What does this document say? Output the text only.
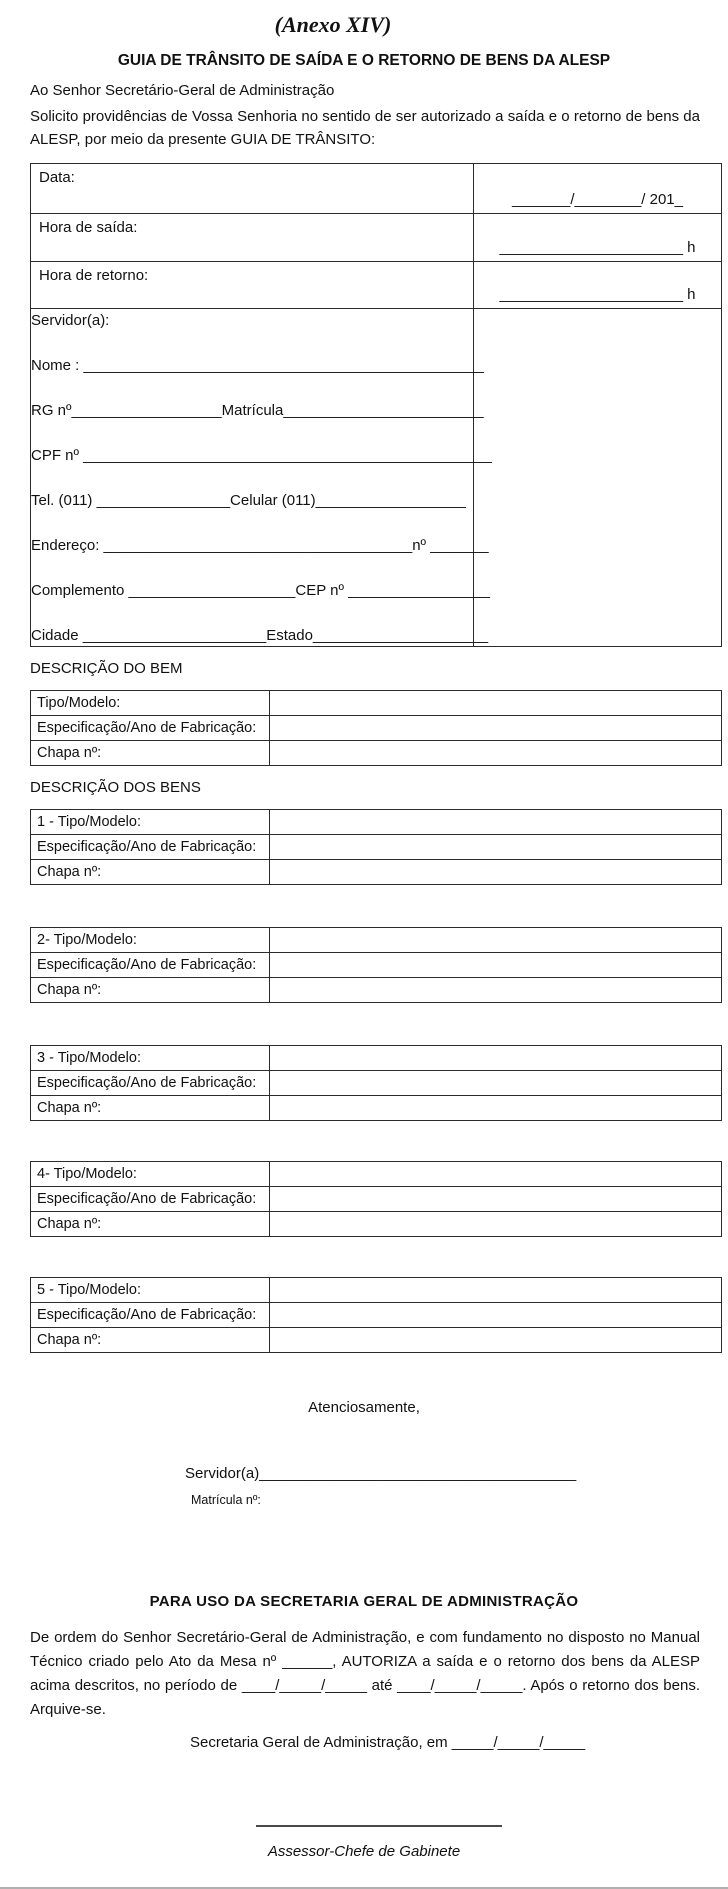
(Anexo XIV)
GUIA DE TRÂNSITO DE SAÍDA E O RETORNO DE BENS DA ALESP

Ao Senhor Secretário-Geral de Administração

Solicito providências de Vossa Senhoria no sentido de ser autorizado a saída e o retorno de bens da ALESP, por meio da presente GUIA DE TRÂNSITO:

Data:	_______/________/ 201_
Hora de saída:	______________________ h
Hora de retorno:	______________________ h

Servidor(a):
Nome : ________________________________________________
RG nº__________________Matrícula________________________
CPF nº _________________________________________________
Tel. (011) ________________Celular (011)__________________
Endereço: _____________________________________nº _______
Complemento ____________________CEP nº _________________
Cidade ______________________Estado_____________________

DESCRIÇÃO DO BEM

Tipo/Modelo:	
Especificação/Ano de Fabricação:	
Chapa nº:	

DESCRIÇÃO DOS BENS

1 - Tipo/Modelo:	
Especificação/Ano de Fabricação:	
Chapa nº:	
2- Tipo/Modelo:	
Especificação/Ano de Fabricação:	
Chapa nº:	
3 - Tipo/Modelo:	
Especificação/Ano de Fabricação:	
Chapa nº:	
4- Tipo/Modelo:	
Especificação/Ano de Fabricação:	
Chapa nº:	
5 - Tipo/Modelo:	
Especificação/Ano de Fabricação:	
Chapa nº:	

Atenciosamente,

Servidor(a)______________________________________

Matrícula nº:

PARA USO DA SECRETARIA GERAL DE ADMINISTRAÇÃO

De ordem do Senhor Secretário-Geral de Administração, e com fundamento no disposto no Manual Técnico criado pelo Ato da Mesa nº ______, AUTORIZA a saída e o retorno dos bens da ALESP acima descritos, no período de ____/_____/_____ até ____/_____/_____. Após o retorno dos bens. Arquive-se.

Secretaria Geral de Administração, em _____/_____/_____

Assessor-Chefe de Gabinete
